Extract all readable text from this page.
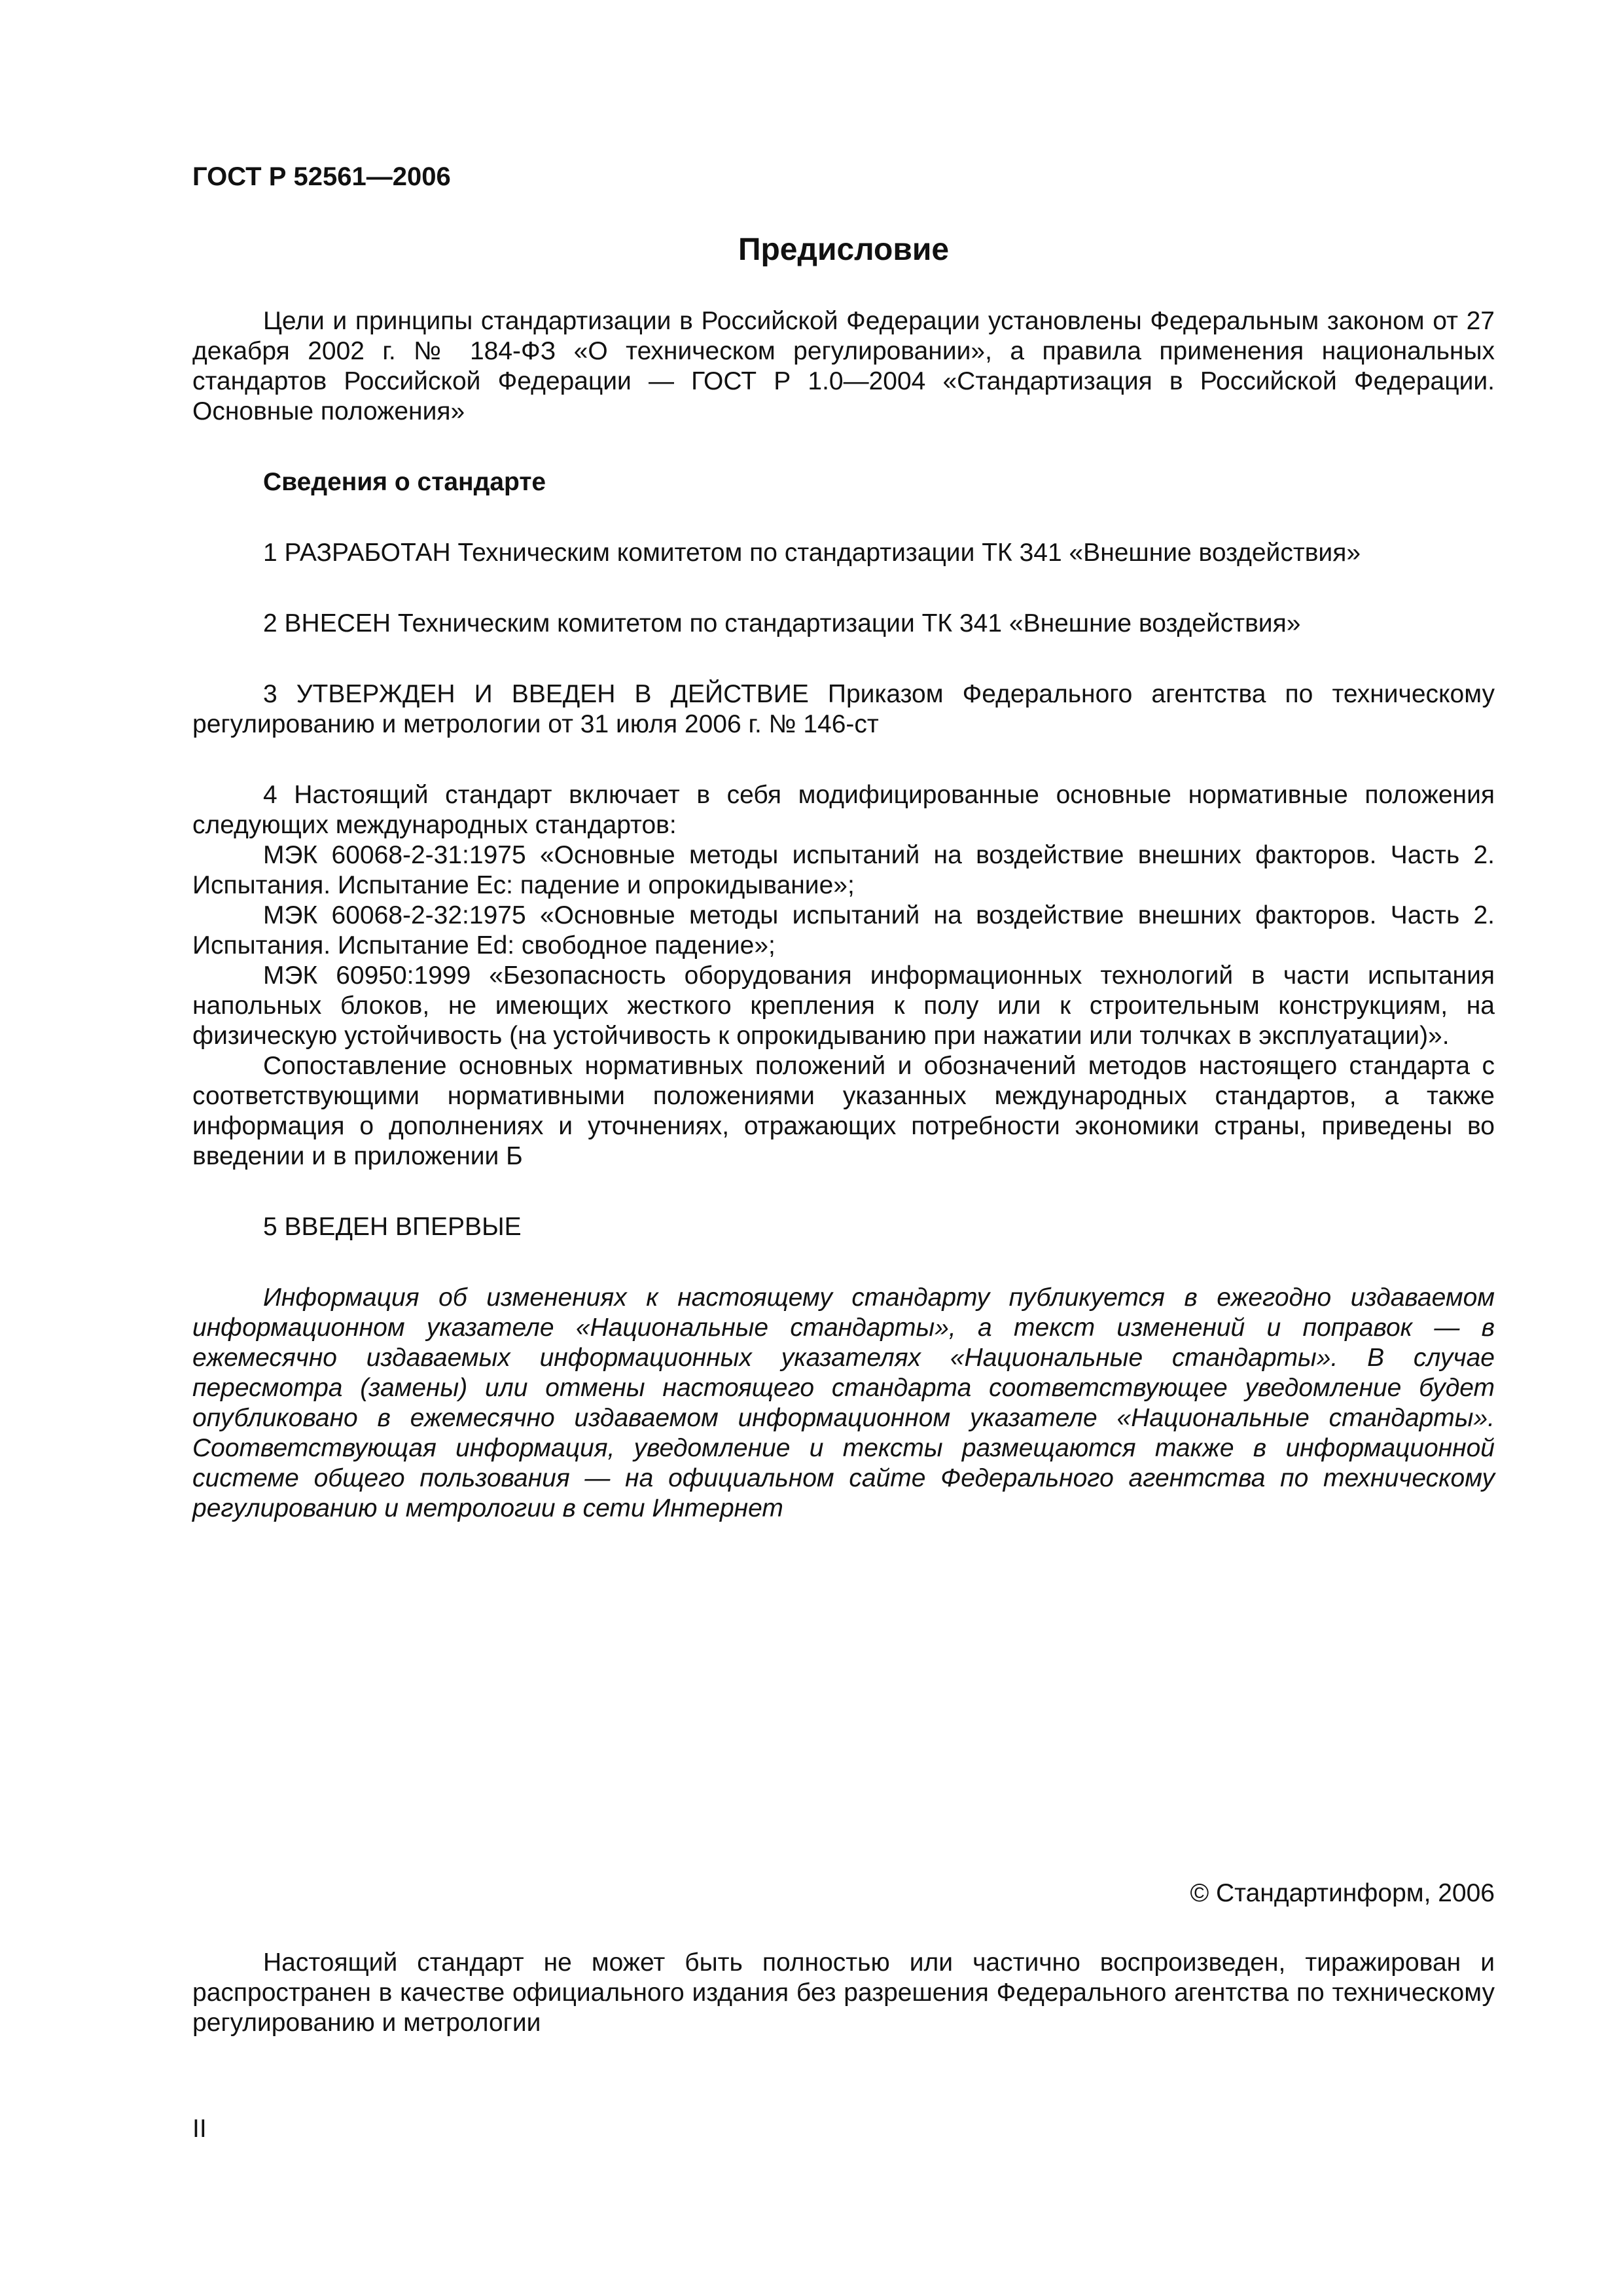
ГОСТ Р 52561—2006
Предисловие

Цели и принципы стандартизации в Российской Федерации установлены Федеральным законом от 27 декабря 2002 г. № 184-ФЗ «О техническом регулировании», а правила применения национальных стандартов Российской Федерации — ГОСТ Р 1.0—2004 «Стандартизация в Российской Федерации. Основные положения»

Сведения о стандарте

1 РАЗРАБОТАН Техническим комитетом по стандартизации ТК 341 «Внешние воздействия»

2 ВНЕСЕН Техническим комитетом по стандартизации ТК 341 «Внешние воздействия»

3 УТВЕРЖДЕН И ВВЕДЕН В ДЕЙСТВИЕ Приказом Федерального агентства по техническому регулированию и метрологии от 31 июля 2006 г. № 146-ст

4 Настоящий стандарт включает в себя модифицированные основные нормативные положения следующих международных стандартов:

МЭК 60068-2-31:1975 «Основные методы испытаний на воздействие внешних факторов. Часть 2. Испытания. Испытание Ec: падение и опрокидывание»;

МЭК 60068-2-32:1975 «Основные методы испытаний на воздействие внешних факторов. Часть 2. Испытания. Испытание Ed: свободное падение»;

МЭК 60950:1999 «Безопасность оборудования информационных технологий в части испытания напольных блоков, не имеющих жесткого крепления к полу или к строительным конструкциям, на физическую устойчивость (на устойчивость к опрокидыванию при нажатии или толчках в эксплуатации)».

Сопоставление основных нормативных положений и обозначений методов настоящего стандарта с соответствующими нормативными положениями указанных международных стандартов, а также информация о дополнениях и уточнениях, отражающих потребности экономики страны, приведены во введении и в приложении Б

5 ВВЕДЕН ВПЕРВЫЕ

Информация об изменениях к настоящему стандарту публикуется в ежегодно издаваемом информационном указателе «Национальные стандарты», а текст изменений и поправок — в ежемесячно издаваемых информационных указателях «Национальные стандарты». В случае пересмотра (замены) или отмены настоящего стандарта соответствующее уведомление будет опубликовано в ежемесячно издаваемом информационном указателе «Национальные стандарты». Соответствующая информация, уведомление и тексты размещаются также в информационной системе общего пользования — на официальном сайте Федерального агентства по техническому регулированию и метрологии в сети Интернет

© Стандартинформ, 2006

Настоящий стандарт не может быть полностью или частично воспроизведен, тиражирован и распространен в качестве официального издания без разрешения Федерального агентства по техническому регулированию и метрологии

II
